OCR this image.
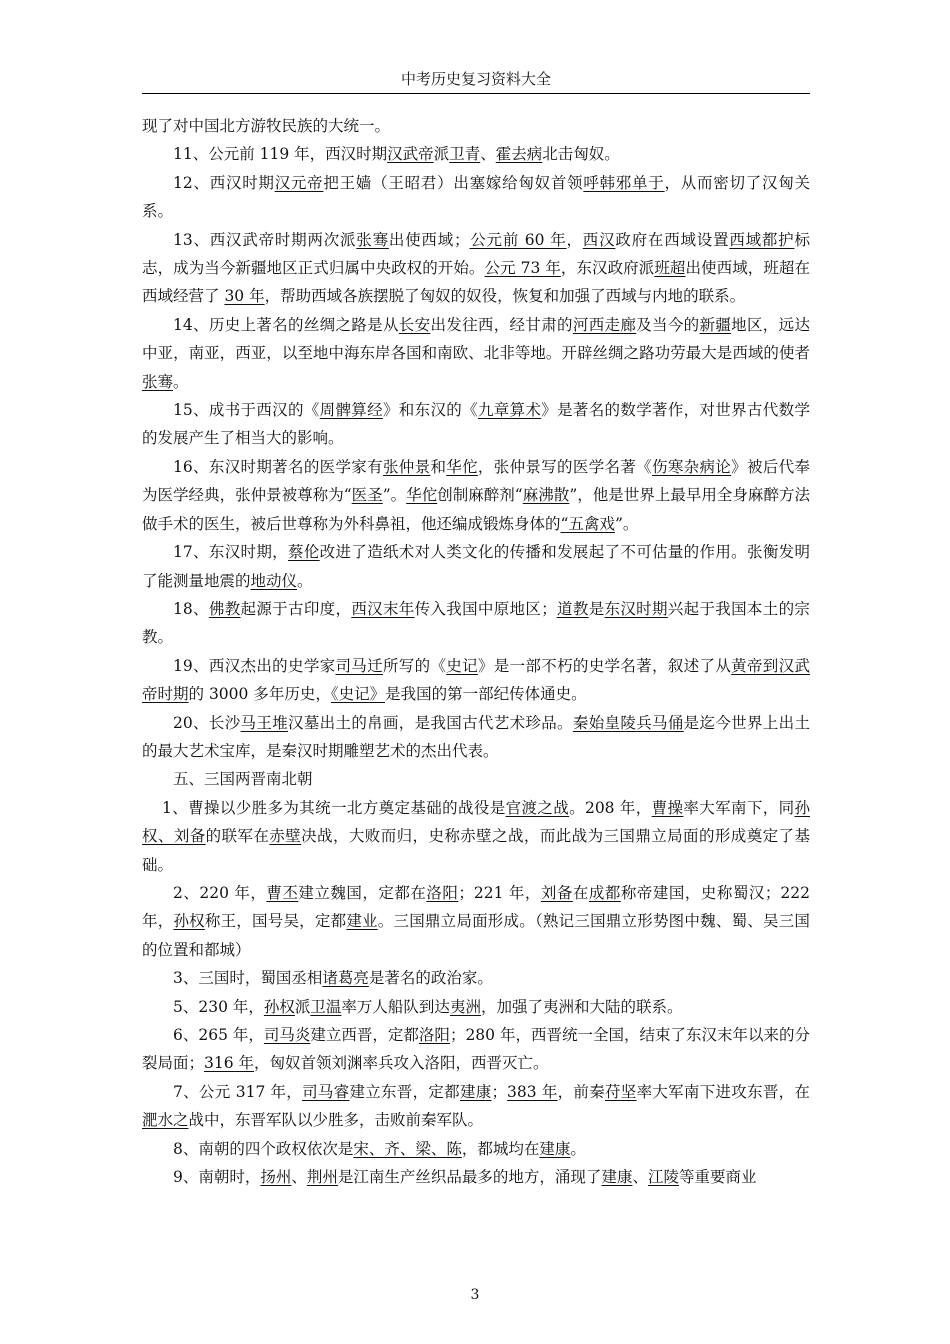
中考历史复习资料大全

现了对中国北方游牧民族的大统一。

11、公元前 119 年，西汉时期汉武帝派卫青、霍去病北击匈奴。

12、西汉时期汉元帝把王嫱（王昭君）出塞嫁给匈奴首领呼韩邪单于，从而密切了汉匈关系。

13、西汉武帝时期两次派张骞出使西域；公元前 60 年，西汉政府在西域设置西域都护标志，成为当今新疆地区正式归属中央政权的开始。公元 73 年，东汉政府派班超出使西域，班超在西域经营了 30 年，帮助西域各族摆脱了匈奴的奴役，恢复和加强了西域与内地的联系。

14、历史上著名的丝绸之路是从长安出发往西，经甘肃的河西走廊及当今的新疆地区，远达中亚，南亚，西亚，以至地中海东岸各国和南欧、北非等地。开辟丝绸之路功劳最大是西域的使者张骞。

15、成书于西汉的《周髀算经》和东汉的《九章算术》是著名的数学著作，对世界古代数学的发展产生了相当大的影响。

16、东汉时期著名的医学家有张仲景和华佗，张仲景写的医学名著《伤寒杂病论》被后代奉为医学经典，张仲景被尊称为“医圣”。华佗创制麻醉剂“麻沸散”，他是世界上最早用全身麻醉方法做手术的医生，被后世尊称为外科鼻祖，他还编成锻炼身体的“五禽戏”。

17、东汉时期，蔡伦改进了造纸术对人类文化的传播和发展起了不可估量的作用。张衡发明了能测量地震的地动仪。

18、佛教起源于古印度，西汉末年传入我国中原地区；道教是东汉时期兴起于我国本土的宗教。

19、西汉杰出的史学家司马迁所写的《史记》是一部不朽的史学名著，叙述了从黄帝到汉武帝时期的 3000 多年历史，《史记》是我国的第一部纪传体通史。

20、长沙马王堆汉墓出土的帛画，是我国古代艺术珍品。秦始皇陵兵马俑是迄今世界上出土的最大艺术宝库，是秦汉时期雕塑艺术的杰出代表。

五、三国两晋南北朝

1、曹操以少胜多为其统一北方奠定基础的战役是官渡之战。208 年，曹操率大军南下，同孙权、刘备的联军在赤壁决战，大败而归，史称赤壁之战，而此战为三国鼎立局面的形成奠定了基础。

2、220 年，曹丕建立魏国，定都在洛阳；221 年，刘备在成都称帝建国，史称蜀汉；222 年，孙权称王，国号吴，定都建业。三国鼎立局面形成。（熟记三国鼎立形势图中魏、蜀、吴三国的位置和都城）

3、三国时，蜀国丞相诸葛亮是著名的政治家。

5、230 年，孙权派卫温率万人船队到达夷洲，加强了夷洲和大陆的联系。

6、265 年，司马炎建立西晋，定都洛阳；280 年，西晋统一全国，结束了东汉末年以来的分裂局面；316 年，匈奴首领刘渊率兵攻入洛阳，西晋灭亡。

7、公元 317 年，司马睿建立东晋，定都建康；383 年，前秦苻坚率大军南下进攻东晋，在淝水之战中，东晋军队以少胜多，击败前秦军队。

8、南朝的四个政权依次是宋、齐、梁、陈，都城均在建康。

9、南朝时，扬州、荆州是江南生产丝织品最多的地方，涌现了建康、江陵等重要商业

3
